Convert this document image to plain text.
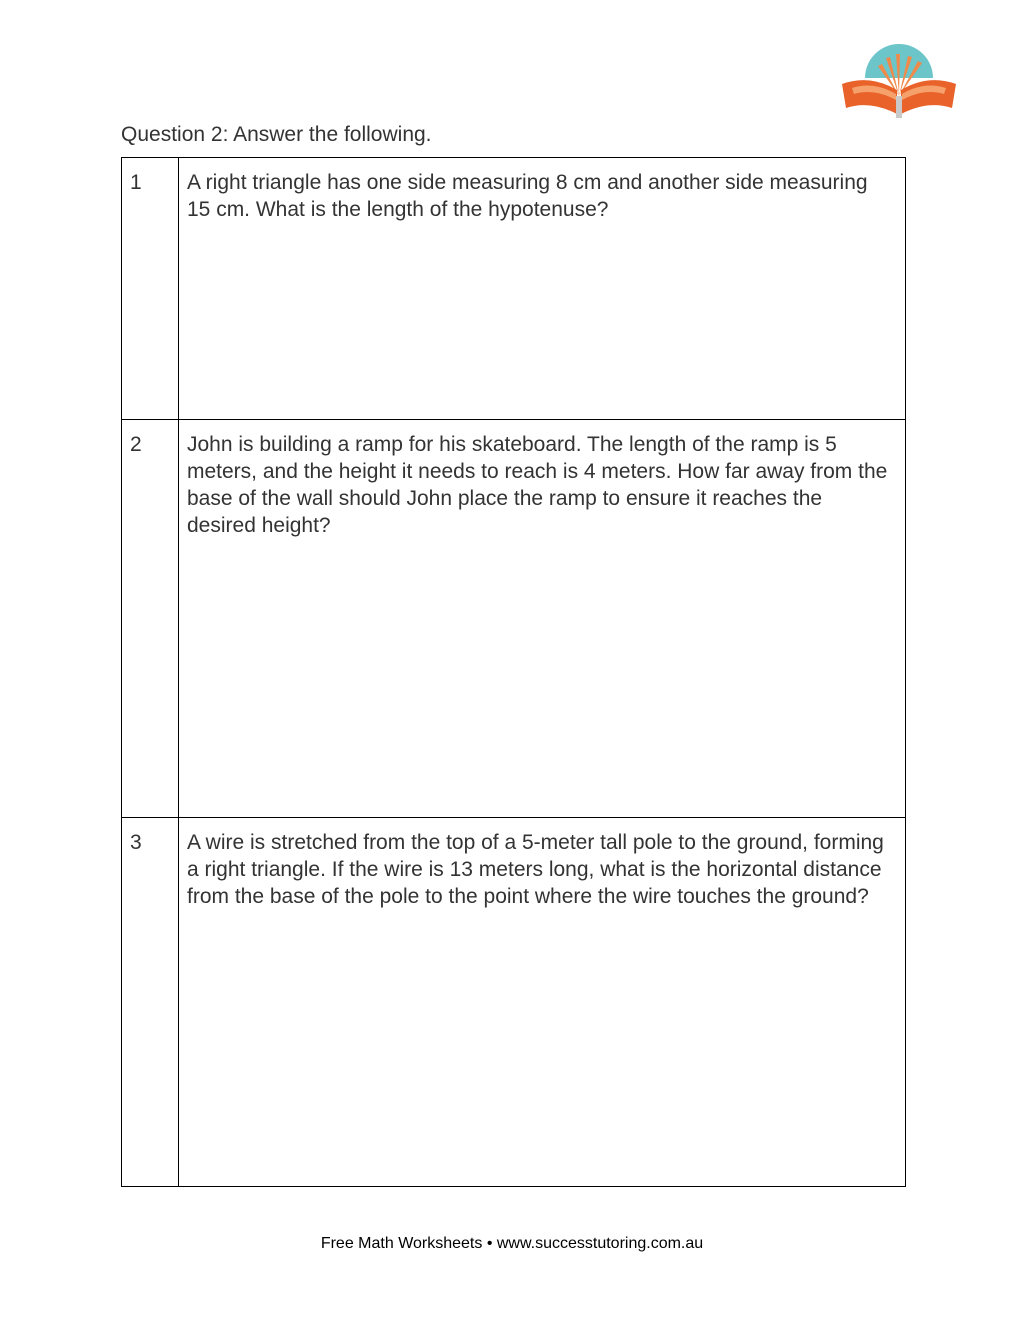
Question 2: Answer the following.
1	A right triangle has one side measuring 8 cm and another side measuring 15 cm. What is the length of the hypotenuse?
2	John is building a ramp for his skateboard. The length of the ramp is 5 meters, and the height it needs to reach is 4 meters. How far away from the base of the wall should John place the ramp to ensure it reaches the desired height?
3	A wire is stretched from the top of a 5-meter tall pole to the ground, forming a right triangle. If the wire is 13 meters long, what is the horizontal distance from the base of the pole to the point where the wire touches the ground?
Free Math Worksheets • www.successtutoring.com.au
